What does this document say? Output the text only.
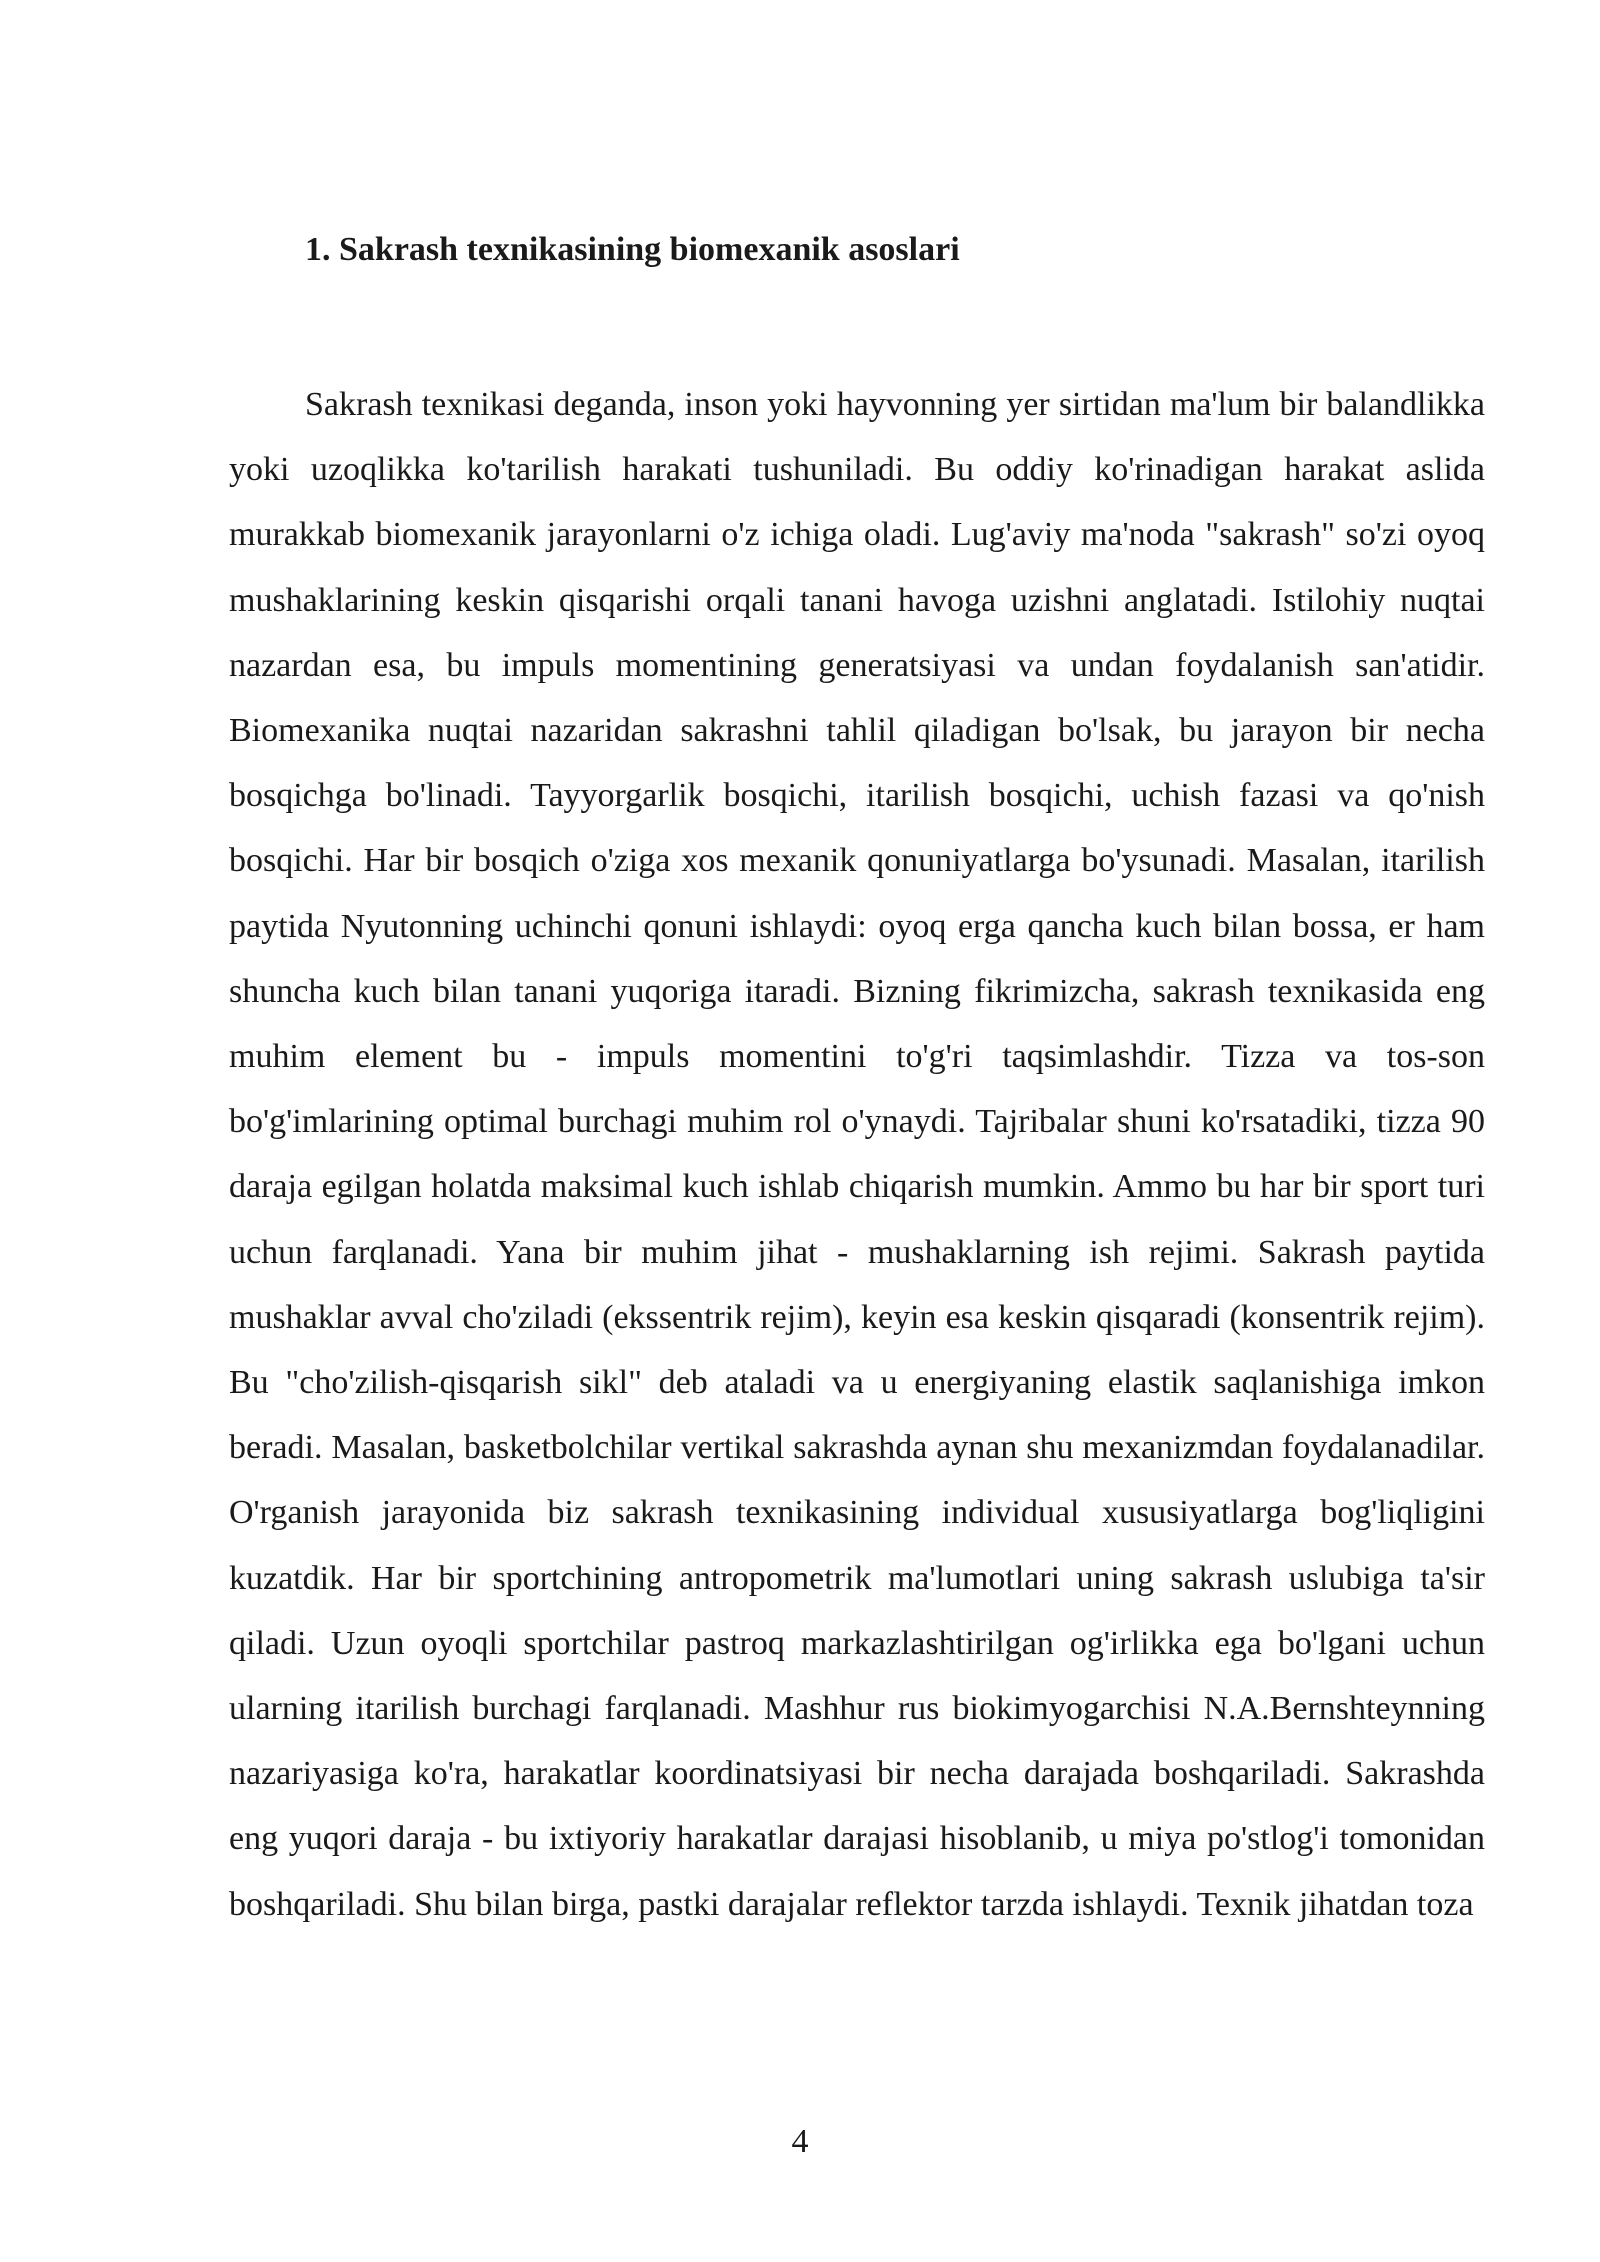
1. Sakrash texnikasining biomexanik asoslari

Sakrash texnikasi deganda, inson yoki hayvonning yer sirtidan ma'lum bir balandlikka yoki uzoqlikka ko'tarilish harakati tushuniladi. Bu oddiy ko'rinadigan harakat aslida murakkab biomexanik jarayonlarni o'z ichiga oladi. Lug'aviy ma'noda "sakrash" so'zi oyoq mushaklarining keskin qisqarishi orqali tanani havoga uzishni anglatadi. Istilohiy nuqtai nazardan esa, bu impuls momentining generatsiyasi va undan foydalanish san'atidir. Biomexanika nuqtai nazaridan sakrashni tahlil qiladigan bo'lsak, bu jarayon bir necha bosqichga bo'linadi. Tayyorgarlik bosqichi, itarilish bosqichi, uchish fazasi va qo'nish bosqichi. Har bir bosqich o'ziga xos mexanik qonuniyatlarga bo'ysunadi. Masalan, itarilish paytida Nyutonning uchinchi qonuni ishlaydi: oyoq erga qancha kuch bilan bossa, er ham shuncha kuch bilan tanani yuqoriga itaradi. Bizning fikrimizcha, sakrash texnikasida eng muhim element bu - impuls momentini to'g'ri taqsimlashdir. Tizza va tos-son bo'g'imlarining optimal burchagi muhim rol o'ynaydi. Tajribalar shuni ko'rsatadiki, tizza 90 daraja egilgan holatda maksimal kuch ishlab chiqarish mumkin. Ammo bu har bir sport turi uchun farqlanadi. Yana bir muhim jihat - mushaklarning ish rejimi. Sakrash paytida mushaklar avval cho'ziladi (ekssentrik rejim), keyin esa keskin qisqaradi (konsentrik rejim). Bu "cho'zilish-qisqarish sikl" deb ataladi va u energiyaning elastik saqlanishiga imkon beradi. Masalan, basketbolchilar vertikal sakrashda aynan shu mexanizmdan foydalanadilar. O'rganish jarayonida biz sakrash texnikasining individual xususiyatlarga bog'liqligini kuzatdik. Har bir sportchining antropometrik ma'lumotlari uning sakrash uslubiga ta'sir qiladi. Uzun oyoqli sportchilar pastroq markazlashtirilgan og'irlikka ega bo'lgani uchun ularning itarilish burchagi farqlanadi. Mashhur rus biokimyogarchisi N.A.Bernshteynning nazariyasiga ko'ra, harakatlar koordinatsiyasi bir necha darajada boshqariladi. Sakrashda eng yuqori daraja - bu ixtiyoriy harakatlar darajasi hisoblanib, u miya po'stlog'i tomonidan boshqariladi. Shu bilan birga, pastki darajalar reflektor tarzda ishlaydi. Texnik jihatdan toza

4
